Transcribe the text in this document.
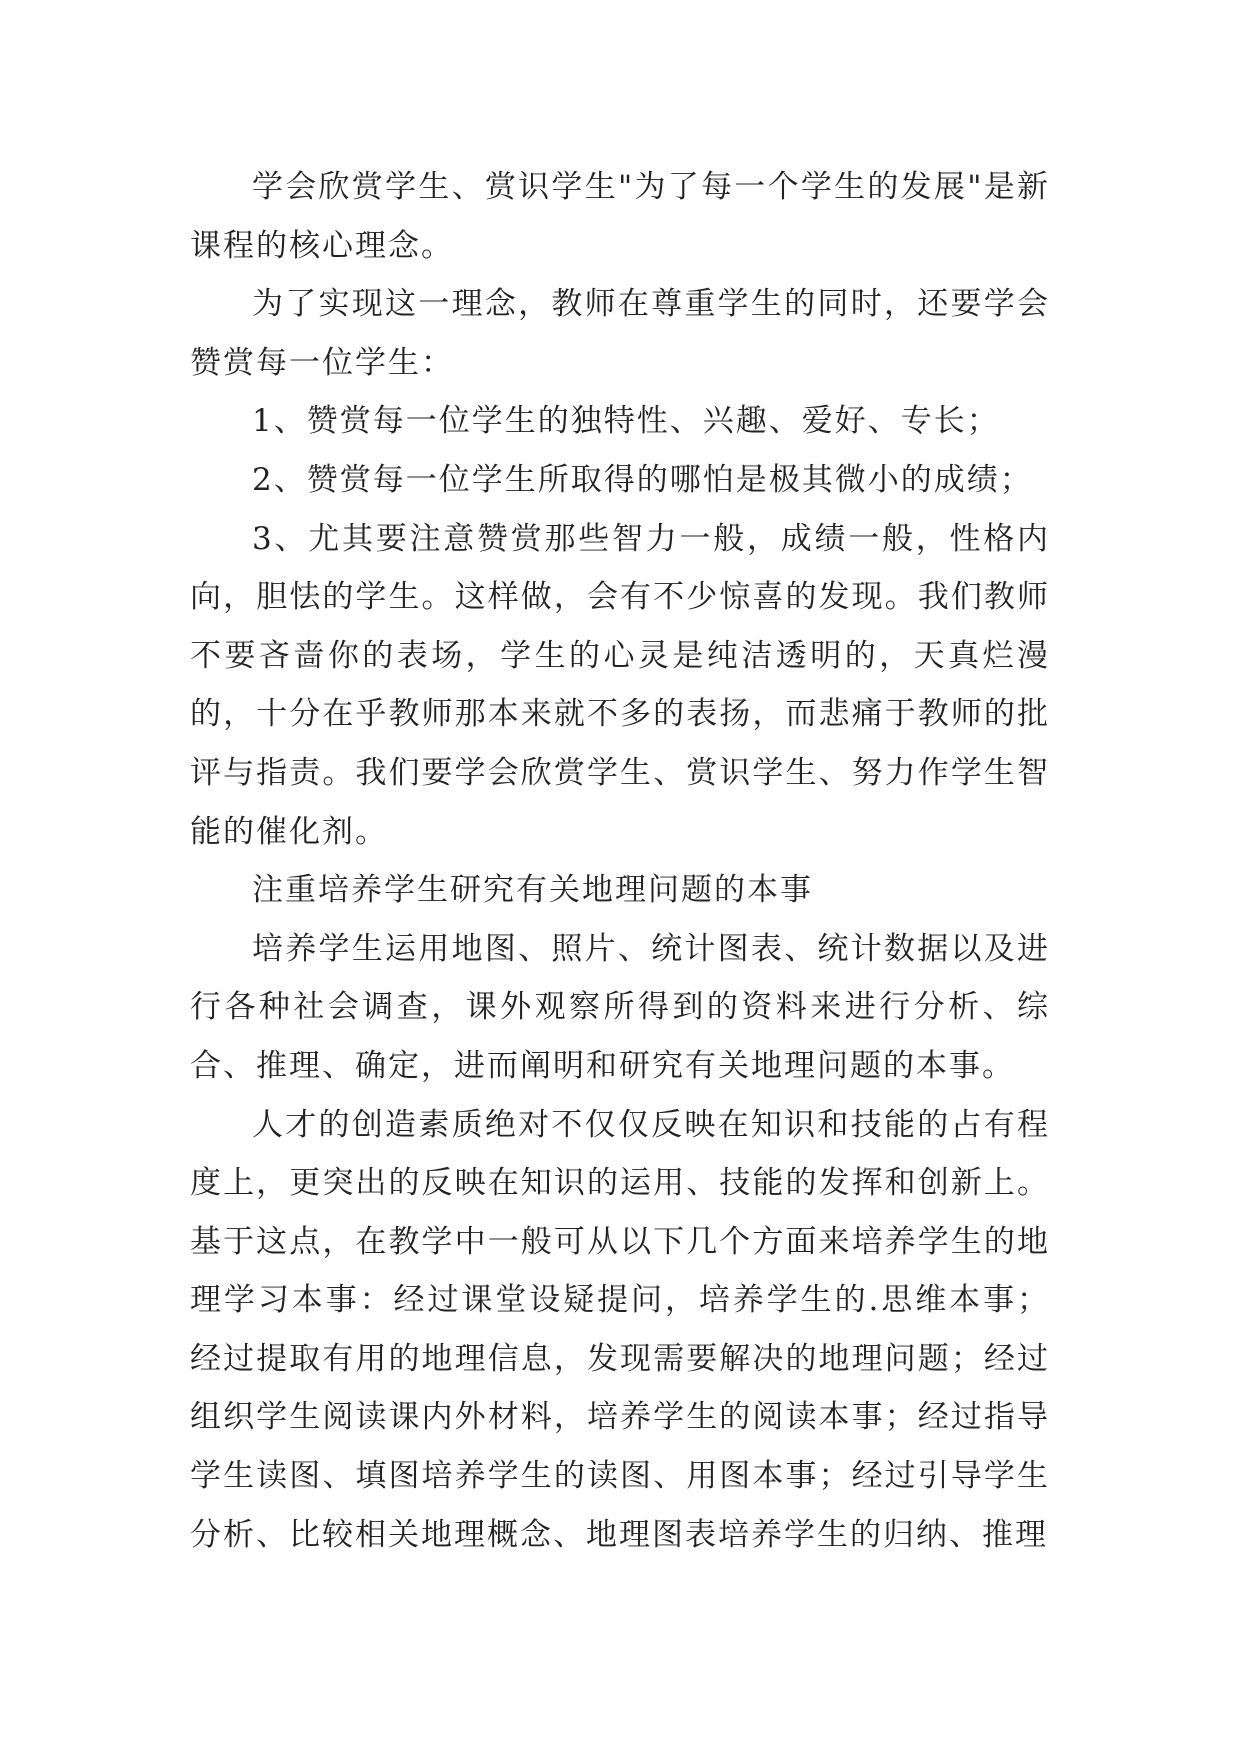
学会欣赏学生、赏识学生"为了每一个学生的发展"是新课程的核心理念。

为了实现这一理念，教师在尊重学生的同时，还要学会赞赏每一位学生：

1、赞赏每一位学生的独特性、兴趣、爱好、专长；

2、赞赏每一位学生所取得的哪怕是极其微小的成绩；

3、尤其要注意赞赏那些智力一般，成绩一般，性格内向，胆怯的学生。这样做，会有不少惊喜的发现。我们教师不要吝啬你的表场，学生的心灵是纯洁透明的，天真烂漫的，十分在乎教师那本来就不多的表扬，而悲痛于教师的批评与指责。我们要学会欣赏学生、赏识学生、努力作学生智能的催化剂。

注重培养学生研究有关地理问题的本事

培养学生运用地图、照片、统计图表、统计数据以及进行各种社会调查，课外观察所得到的资料来进行分析、综合、推理、确定，进而阐明和研究有关地理问题的本事。

人才的创造素质绝对不仅仅反映在知识和技能的占有程度上，更突出的反映在知识的运用、技能的发挥和创新上。基于这点，在教学中一般可从以下几个方面来培养学生的地理学习本事：经过课堂设疑提问，培养学生的.思维本事；经过提取有用的地理信息，发现需要解决的地理问题；经过组织学生阅读课内外材料，培养学生的阅读本事；经过指导学生读图、填图培养学生的读图、用图本事；经过引导学生分析、比较相关地理概念、地理图表培养学生的归纳、推理
